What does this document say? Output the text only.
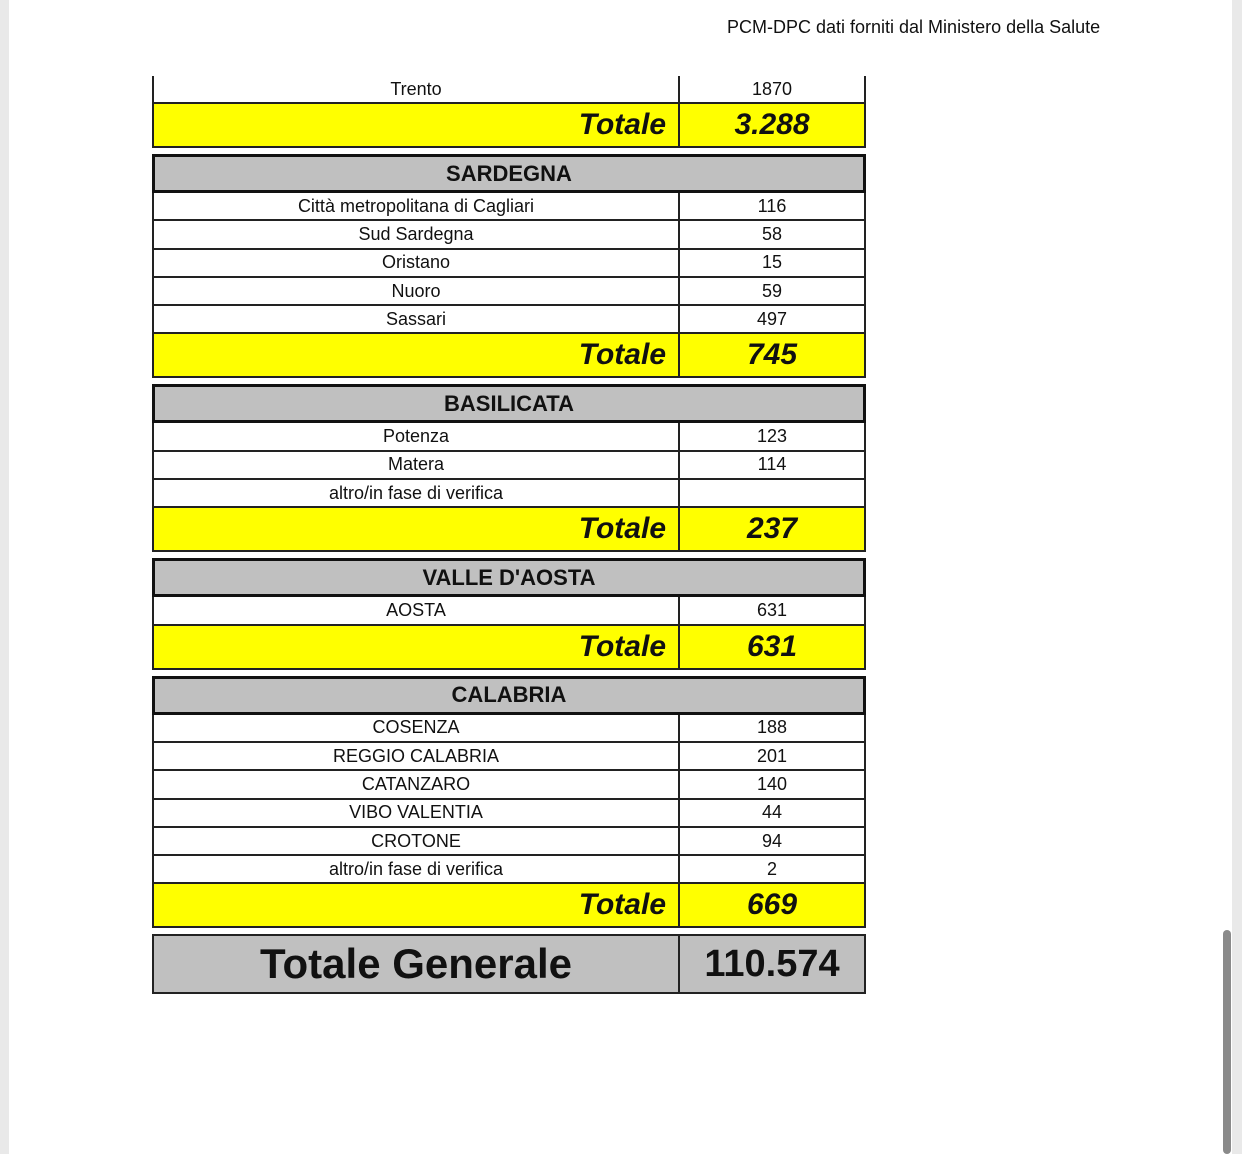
PCM-DPC dati forniti dal Ministero della Salute
Trento	1870
Totale	3.288
SARDEGNA
Città metropolitana di Cagliari	116
Sud Sardegna	58
Oristano	15
Nuoro	59
Sassari	497
Totale	745
BASILICATA
Potenza	123
Matera	114
altro/in fase di verifica
Totale	237
VALLE D'AOSTA
AOSTA	631
Totale	631
CALABRIA
COSENZA	188
REGGIO CALABRIA	201
CATANZARO	140
VIBO VALENTIA	44
CROTONE	94
altro/in fase di verifica	2
Totale	669
Totale Generale	110.574
